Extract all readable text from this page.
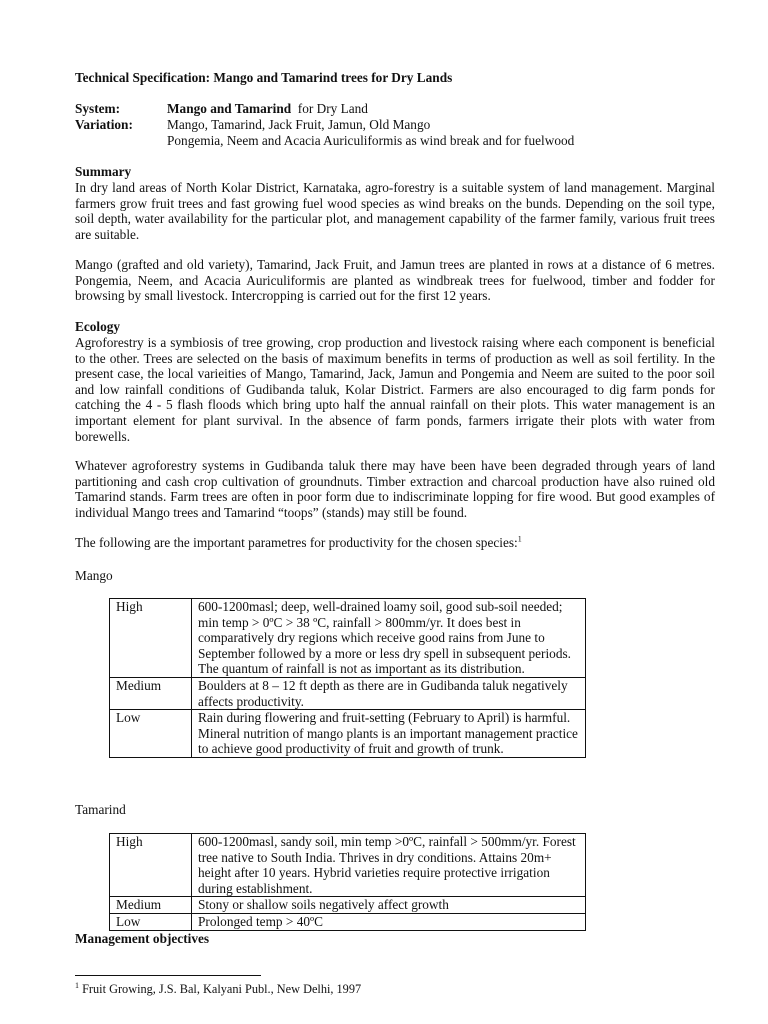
Technical Specification: Mango and Tamarind trees for Dry Lands
System:	Mango and Tamarind  for Dry Land
Variation:	Mango, Tamarind, Jack Fruit, Jamun, Old Mango
Pongemia, Neem and Acacia Auriculiformis as wind break and for fuelwood
Summary
In dry land areas of North Kolar District, Karnataka, agro-forestry is a suitable system of land management. Marginal farmers grow fruit trees and fast growing fuel wood species as wind breaks on the bunds. Depending on the soil type, soil depth, water availability for the particular plot, and management capability of the farmer family, various fruit trees are suitable.
Mango (grafted and old variety), Tamarind, Jack Fruit, and Jamun trees are planted in rows at a distance of 6 metres. Pongemia, Neem, and Acacia Auriculiformis are planted as windbreak trees for fuelwood, timber and fodder for browsing by small livestock. Intercropping is carried out for the first 12 years.
Ecology
Agroforestry is a symbiosis of tree growing, crop production and livestock raising where each component is beneficial to the other. Trees are selected on the basis of maximum benefits in terms of production as well as soil fertility. In the present case, the local varieities of Mango, Tamarind, Jack, Jamun and Pongemia and Neem are suited to the poor soil and low rainfall conditions of Gudibanda taluk, Kolar District. Farmers are also encouraged to dig farm ponds for catching the 4 - 5 flash floods which bring upto half the annual rainfall on their plots. This water management is an important element for plant survival. In the absence of farm ponds, farmers irrigate their plots with water from borewells.
Whatever agroforestry systems in Gudibanda taluk there may have been have been degraded through years of land partitioning and cash crop cultivation of groundnuts. Timber extraction and charcoal production have also ruined old Tamarind stands. Farm trees are often in poor form due to indiscriminate lopping for fire wood. But good examples of individual Mango trees and Tamarind “toops” (stands) may still be found.
The following are the important parametres for productivity for the chosen species:$^1$
Mango
High	600-1200masl; deep, well-drained loamy soil, good sub-soil needed; min temp > 0ºC > 38 ºC, rainfall > 800mm/yr. It does best in comparatively dry regions which receive good rains from June to September followed by a more or less dry spell in subsequent periods. The quantum of rainfall is not as important as its distribution.
Medium	Boulders at 8 – 12 ft depth as there are in Gudibanda taluk negatively affects productivity.
Low	Rain during flowering and fruit-setting (February to April) is harmful. Mineral nutrition of mango plants is an important management practice to achieve good productivity of fruit and growth of trunk.
Tamarind
High	600-1200masl, sandy soil, min temp >0ºC, rainfall > 500mm/yr. Forest tree native to South India. Thrives in dry conditions. Attains 20m+ height after 10 years. Hybrid varieties require protective irrigation during establishment.
Medium	Stony or shallow soils negatively affect growth
Low	Prolonged temp > 40ºC
Management objectives
$^1$ Fruit Growing, J.S. Bal, Kalyani Publ., New Delhi, 1997
